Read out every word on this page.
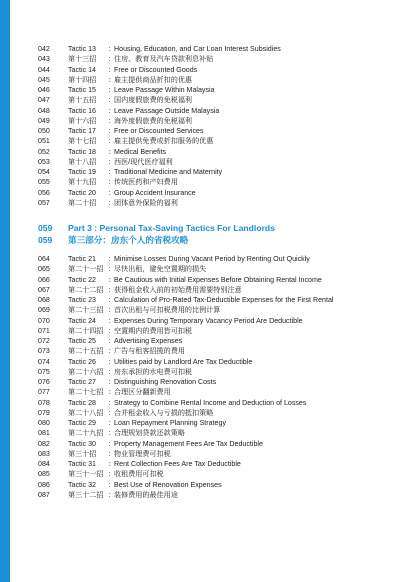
042	Tactic 13	: Housing, Education, and Car Loan Interest Subsidies
043	第十三招	: 住房、教育及汽车贷款利息补贴
044	Tactic 14	: Free or Discounted Goods
045	第十四招	: 雇主提供商品折扣的优惠
046	Tactic 15	: Leave Passage Within Malaysia
047	第十五招	: 国内度假旅费的免税福利
048	Tactic 16	: Leave Passage Outside Malaysia
049	第十六招	: 海外度假旅费的免税福利
050	Tactic 17	: Free or Discounted Services
051	第十七招	: 雇主提供免费或折扣服务的优惠
052	Tactic 18	: Medical Benefits
053	第十八招	: 西医/现代医疗福利
054	Tactic 19	: Traditional Medicine and Maternity
055	第十九招	: 传统医药和产妇费用
056	Tactic 20	: Group Accident Insurance
057	第二十招	: 团体意外保险的福利
059	Part 3 : Personal Tax-Saving Tactics For Landlords
059	第三部分：房东个人的省税攻略
064	Tactic 21	: Minimise Losses During Vacant Period by Renting Out Quickly
065	第二十一招 : 尽快出租，避免空置期的损失
066	Tactic 22	: Be Cautious with Initial Expenses Before Obtaining Rental Income
067	第二十二招 : 获得租金收入前的初始费用需要特别注意
068	Tactic 23	: Calculation of Pro-Rated Tax-Deductible Expenses for the First Rental
069	第二十三招 : 首次出租与可扣税费用的比例计算
070	Tactic 24	: Expenses During Temporary Vacancy Period Are Deductible
071	第二十四招 : 空置期内的费用皆可扣税
072	Tactic 25	: Advertising Expenses
073	第二十五招 : 广告与租客招揽的费用
074	Tactic 26	: Utilities paid by Landlord Are Tax Deductible
075	第二十六招 : 房东承担的水电费可扣税
076	Tactic 27	: Distinguishing Renovation Costs
077	第二十七招 : 合理区分翻新费用
078	Tactic 28	: Strategy to Combine Rental Income and Deduction of Losses
079	第二十八招 : 合并租金收入与亏损的抵扣策略
080	Tactic 29	: Loan Repayment Planning Strategy
081	第二十九招 : 合理规划贷款还款策略
082	Tactic 30	: Property Management Fees Are Tax Deductible
083	第三十招	: 物业管理费可扣税
084	Tactic 31	: Rent Collection Fees Are Tax Deductible
085	第三十一招 : 收租费用可扣税
086	Tactic 32	: Best Use of Renovation Expenses
087	第三十二招 : 装修费用的最佳用途
